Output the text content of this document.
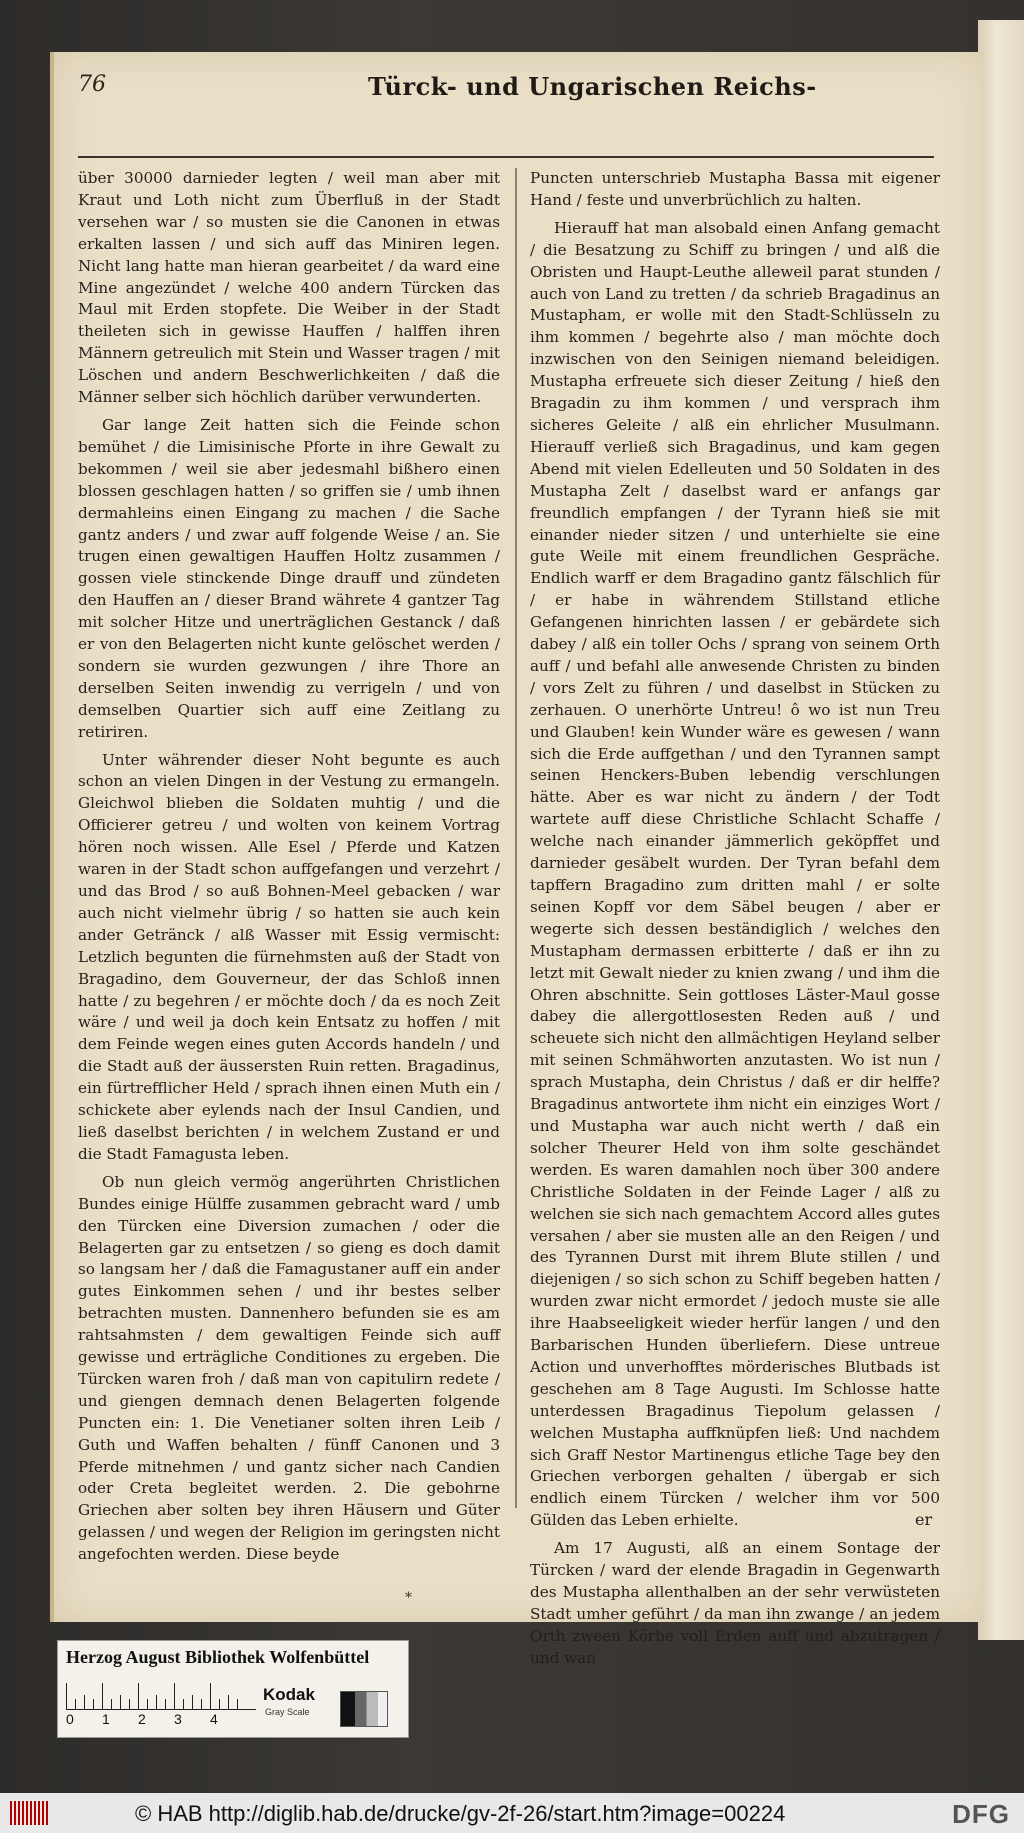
76	Türck- und Ungarischen Reichs-

über 30000 darnieder legten / weil man aber mit Kraut und Loth nicht zum Überfluß in der Stadt versehen war / so musten sie die Canonen in etwas erkalten lassen / und sich auff das Miniren legen. Nicht lang hatte man hieran gearbeitet / da ward eine Mine angezündet / welche 400 andern Türcken das Maul mit Erden stopfete. Die Weiber in der Stadt theileten sich in gewisse Hauffen / halffen ihren Männern getreulich mit Stein und Wasser tragen / mit Löschen und andern Beschwerlichkeiten / daß die Männer selber sich höchlich darüber verwunderten.

Gar lange Zeit hatten sich die Feinde schon bemühet / die Limisinische Pforte in ihre Gewalt zu bekommen / weil sie aber jedesmahl bißhero einen blossen geschlagen hatten / so griffen sie / umb ihnen dermahleins einen Eingang zu machen / die Sache gantz anders / und zwar auff folgende Weise / an. Sie trugen einen gewaltigen Hauffen Holtz zusammen / gossen viele stinckende Dinge drauff und zündeten den Hauffen an / dieser Brand währete 4 gantzer Tag mit solcher Hitze und unerträglichen Gestanck / daß er von den Belagerten nicht kunte gelöschet werden / sondern sie wurden gezwungen / ihre Thore an derselben Seiten inwendig zu verrigeln / und von demselben Quartier sich auff eine Zeitlang zu retiriren.

Unter währender dieser Noht begunte es auch schon an vielen Dingen in der Vestung zu ermangeln. Gleichwol blieben die Soldaten muhtig / und die Officierer getreu / und wolten von keinem Vortrag hören noch wissen. Alle Esel / Pferde und Katzen waren in der Stadt schon auffgefangen und verzehrt / und das Brod / so auß Bohnen-Meel gebacken / war auch nicht vielmehr übrig / so hatten sie auch kein ander Getränck / alß Wasser mit Essig vermischt: Letzlich begunten die fürnehmsten auß der Stadt von Bragadino, dem Gouverneur, der das Schloß innen hatte / zu begehren / er möchte doch / da es noch Zeit wäre / und weil ja doch kein Entsatz zu hoffen / mit dem Feinde wegen eines guten Accords handeln / und die Stadt auß der äussersten Ruin retten. Bragadinus, ein fürtrefflicher Held / sprach ihnen einen Muth ein / schickete aber eylends nach der Insul Candien, und ließ daselbst berichten / in welchem Zustand er und die Stadt Famagusta leben.

Ob nun gleich vermög angerührten Christlichen Bundes einige Hülffe zusammen gebracht ward / umb den Türcken eine Diversion zumachen / oder die Belagerten gar zu entsetzen / so gieng es doch damit so langsam her / daß die Famagustaner auff ein ander gutes Einkommen sehen / und ihr bestes selber betrachten musten. Dannenhero befunden sie es am rahtsahmsten / dem gewaltigen Feinde sich auff gewisse und erträgliche Conditiones zu ergeben. Die Türcken waren froh / daß man von capitulirn redete / und giengen demnach denen Belagerten folgende Puncten ein: 1. Die Venetianer solten ihren Leib / Guth und Waffen behalten / fünff Canonen und 3 Pferde mitnehmen / und gantz sicher nach Candien oder Creta begleitet werden. 2. Die gebohrne Griechen aber solten bey ihren Häusern und Güter gelassen / und wegen der Religion im geringsten nicht angefochten werden. Diese beyde

Puncten unterschrieb Mustapha Bassa mit eigener Hand / feste und unverbrüchlich zu halten.

Hierauff hat man alsobald einen Anfang gemacht / die Besatzung zu Schiff zu bringen / und alß die Obristen und Haupt-Leuthe alleweil parat stunden / auch von Land zu tretten / da schrieb Bragadinus an Mustapham, er wolle mit den Stadt-Schlüsseln zu ihm kommen / begehrte also / man möchte doch inzwischen von den Seinigen niemand beleidigen. Mustapha erfreuete sich dieser Zeitung / hieß den Bragadin zu ihm kommen / und versprach ihm sicheres Geleite / alß ein ehrlicher Musulmann. Hierauff verließ sich Bragadinus, und kam gegen Abend mit vielen Edelleuten und 50 Soldaten in des Mustapha Zelt / daselbst ward er anfangs gar freundlich empfangen / der Tyrann hieß sie mit einander nieder sitzen / und unterhielte sie eine gute Weile mit einem freundlichen Gespräche. Endlich warff er dem Bragadino gantz fälschlich für / er habe in währendem Stillstand etliche Gefangenen hinrichten lassen / er gebärdete sich dabey / alß ein toller Ochs / sprang von seinem Orth auff / und befahl alle anwesende Christen zu binden / vors Zelt zu führen / und daselbst in Stücken zu zerhauen. O unerhörte Untreu! ô wo ist nun Treu und Glauben! kein Wunder wäre es gewesen / wann sich die Erde auffgethan / und den Tyrannen sampt seinen Henckers-Buben lebendig verschlungen hätte. Aber es war nicht zu ändern / der Todt wartete auff diese Christliche Schlacht Schaffe / welche nach einander jämmerlich geköpffet und darnieder gesäbelt wurden. Der Tyran befahl dem tapffern Bragadino zum dritten mahl / er solte seinen Kopff vor dem Säbel beugen / aber er wegerte sich dessen beständiglich / welches den Mustapham dermassen erbitterte / daß er ihn zu letzt mit Gewalt nieder zu knien zwang / und ihm die Ohren abschnitte. Sein gottloses Läster-Maul gosse dabey die allergottlosesten Reden auß / und scheuete sich nicht den allmächtigen Heyland selber mit seinen Schmähworten anzutasten. Wo ist nun / sprach Mustapha, dein Christus / daß er dir helffe? Bragadinus antwortete ihm nicht ein einziges Wort / und Mustapha war auch nicht werth / daß ein solcher Theurer Held von ihm solte geschändet werden. Es waren damahlen noch über 300 andere Christliche Soldaten in der Feinde Lager / alß zu welchen sie sich nach gemachtem Accord alles gutes versahen / aber sie musten alle an den Reigen / und des Tyrannen Durst mit ihrem Blute stillen / und diejenigen / so sich schon zu Schiff begeben hatten / wurden zwar nicht ermordet / jedoch muste sie alle ihre Haabseeligkeit wieder herfür langen / und den Barbarischen Hunden überliefern. Diese untreue Action und unverhofftes mörderisches Blutbads ist geschehen am 8 Tage Augusti. Im Schlosse hatte unterdessen Bragadinus Tiepolum gelassen / welchen Mustapha auffknüpfen ließ: Und nachdem sich Graff Nestor Martinengus etliche Tage bey den Griechen verborgen gehalten / übergab er sich endlich einem Türcken / welcher ihm vor 500 Gülden das Leben erhielte.

Am 17 Augusti, alß an einem Sontage der Türcken / ward der elende Bragadin in Gegenwarth des Mustapha allenthalben an der sehr verwüsteten Stadt umher geführt / da man ihn zwange / an jedem Orth zween Körbe voll Erden auff und abzutragen / und wan

er
*
Herzog August Bibliothek Wolfenbüttel
0 1 2 3 4
Kodak
Gray Scale
© HAB http://diglib.hab.de/drucke/gv-2f-26/start.htm?image=00224	DFG
